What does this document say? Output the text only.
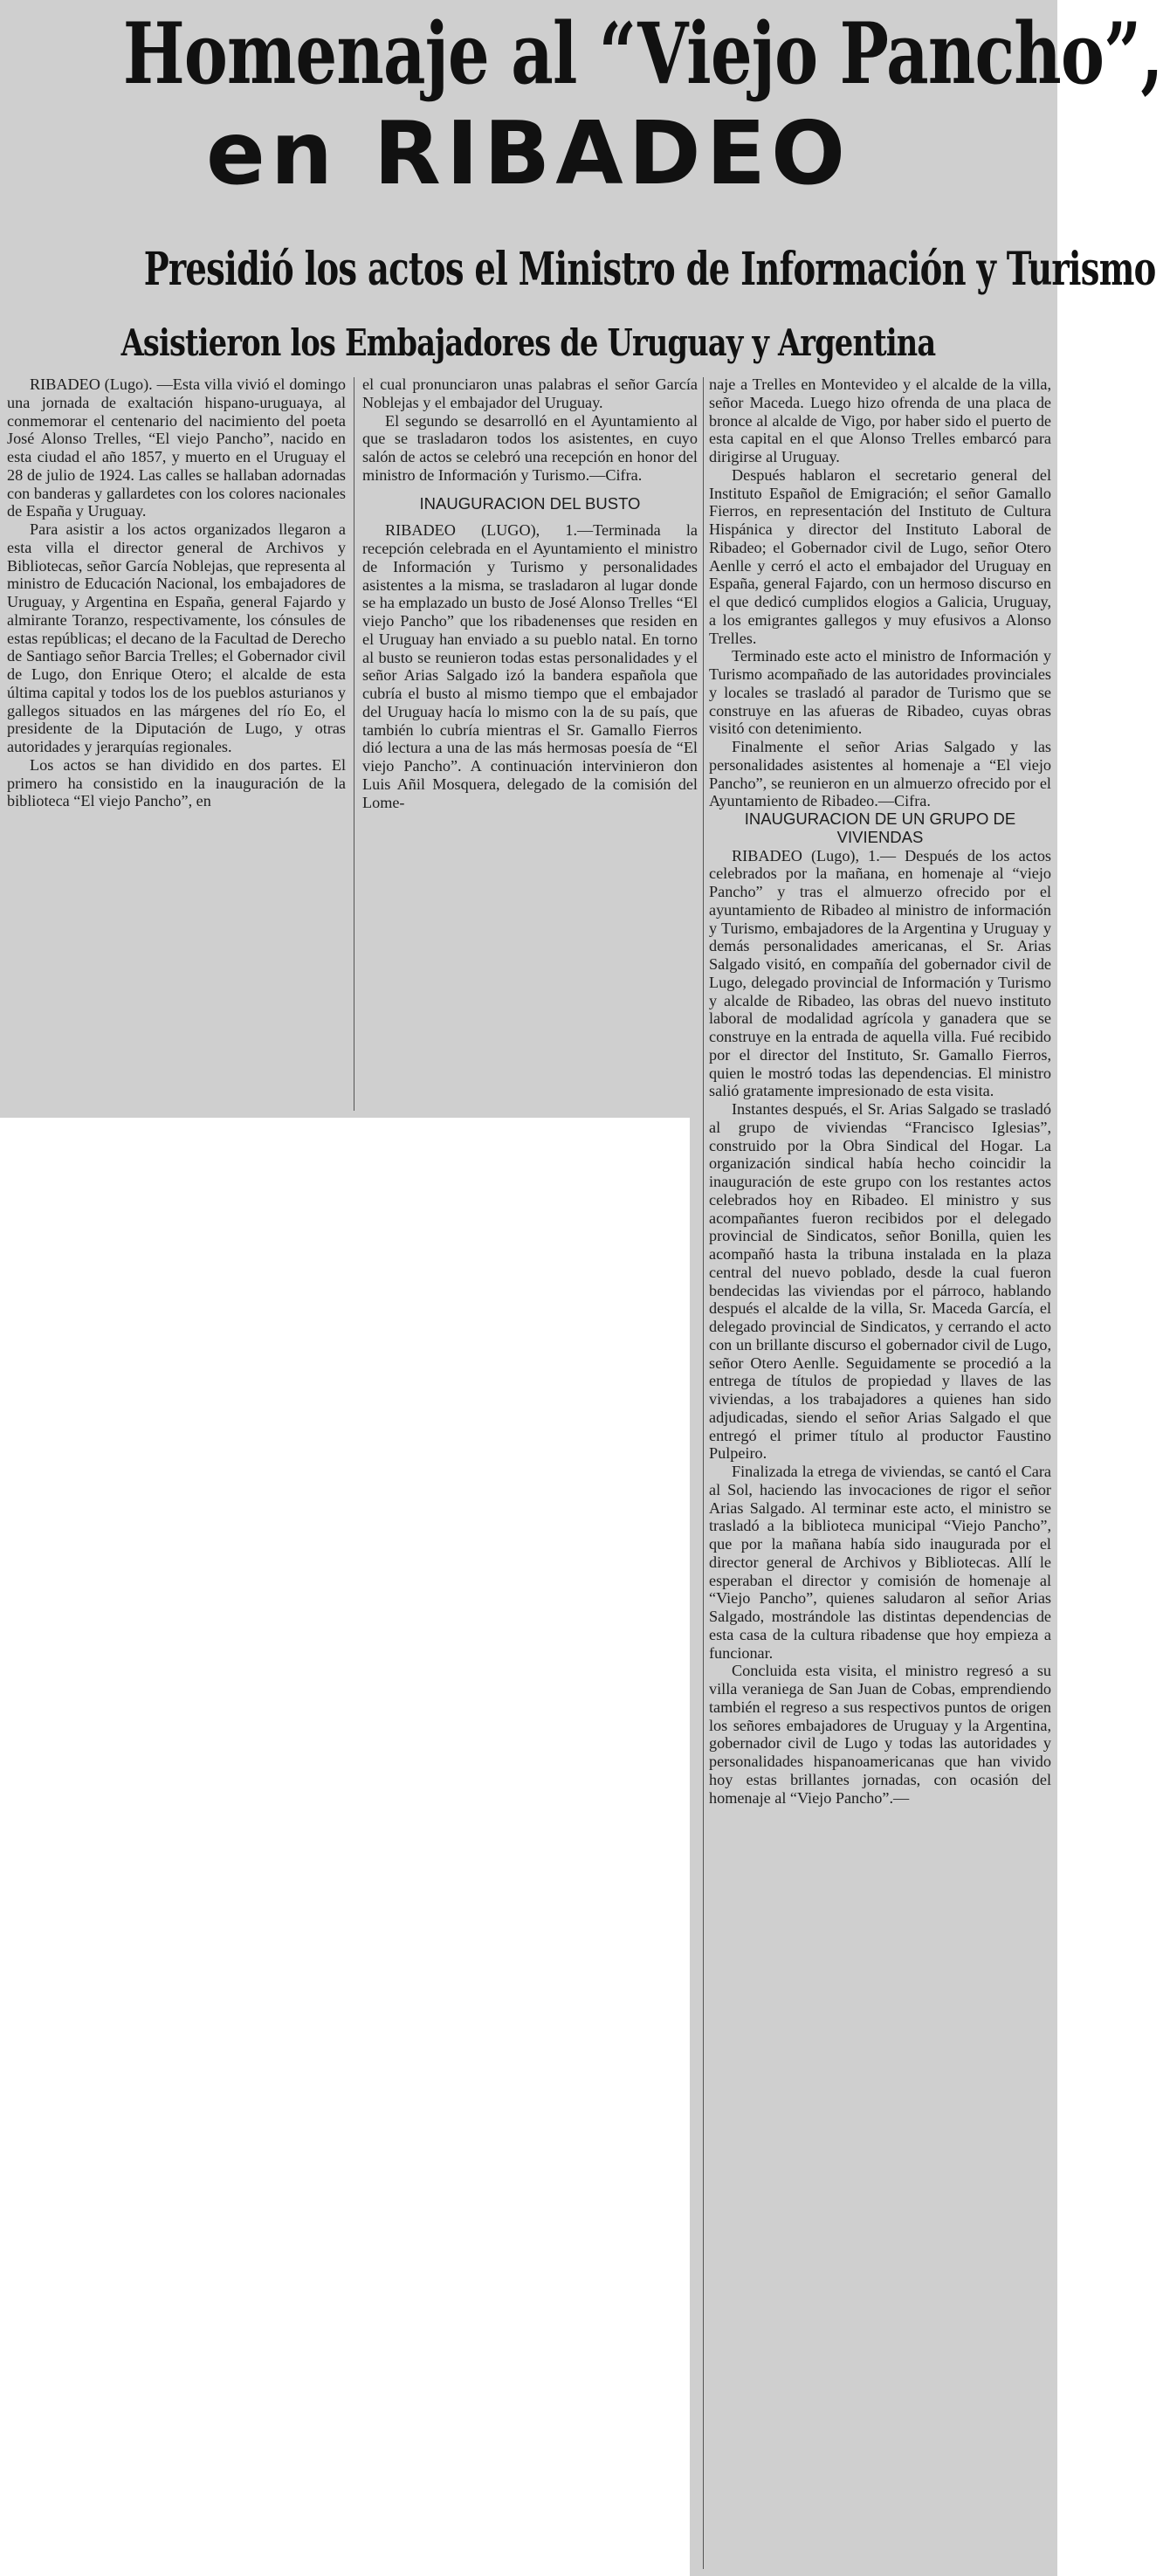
Homenaje al “Viejo Pancho”,
en RIBADEO
Presidió los actos el Ministro de Información y Turismo
Asistieron los Embajadores de Uruguay y Argentina

RIBADEO (Lugo). —Esta villa vivió el domingo una jornada de exaltación hispano-uruguaya, al conmemorar el centenario del nacimiento del poeta José Alonso Trelles, “El viejo Pancho”, nacido en esta ciudad el año 1857, y muerto en el Uruguay el 28 de julio de 1924. Las calles se hallaban adornadas con banderas y gallardetes con los colores nacionales de España y Uruguay.

Para asistir a los actos organizados llegaron a esta villa el director general de Archivos y Bibliotecas, señor García Noblejas, que representa al ministro de Educación Nacional, los embajadores de Uruguay, y Argentina en España, general Fajardo y almirante Toranzo, respectivamente, los cónsules de estas repúblicas; el decano de la Facultad de Derecho de Santiago señor Barcia Trelles; el Gobernador civil de Lugo, don Enrique Otero; el alcalde de esta última capital y todos los de los pueblos asturianos y gallegos situados en las márgenes del río Eo, el presidente de la Diputación de Lugo, y otras autoridades y jerarquías regionales.

Los actos se han dividido en dos partes. El primero ha consistido en la inauguración de la biblioteca “El viejo Pancho”, en

el cual pronunciaron unas palabras el señor García Noblejas y el embajador del Uruguay.

El segundo se desarrolló en el Ayuntamiento al que se trasladaron todos los asistentes, en cuyo salón de actos se celebró una recepción en honor del ministro de Información y Turismo.—Cifra.

INAUGURACION DEL BUSTO

RIBADEO (LUGO), 1.—Terminada la recepción celebrada en el Ayuntamiento el ministro de Información y Turismo y personalidades asistentes a la misma, se trasladaron al lugar donde se ha emplazado un busto de José Alonso Trelles “El viejo Pancho” que los ribadenenses que residen en el Uruguay han enviado a su pueblo natal. En torno al busto se reunieron todas estas personalidades y el señor Arias Salgado izó la bandera española que cubría el busto al mismo tiempo que el embajador del Uruguay hacía lo mismo con la de su país, que también lo cubría mientras el Sr. Gamallo Fierros dió lectura a una de las más hermosas poesía de “El viejo Pancho”. A continuación intervinieron don Luis Añil Mosquera, delegado de la comisión del Lome-

naje a Trelles en Montevideo y el alcalde de la villa, señor Maceda. Luego hizo ofrenda de una placa de bronce al alcalde de Vigo, por haber sido el puerto de esta capital en el que Alonso Trelles embarcó para dirigirse al Uruguay.

Después hablaron el secretario general del Instituto Español de Emigración; el señor Gamallo Fierros, en representación del Instituto de Cultura Hispánica y director del Instituto Laboral de Ribadeo; el Gobernador civil de Lugo, señor Otero Aenlle y cerró el acto el embajador del Uruguay en España, general Fajardo, con un hermoso discurso en el que dedicó cumplidos elogios a Galicia, Uruguay, a los emigrantes gallegos y muy efusivos a Alonso Trelles.

Terminado este acto el ministro de Información y Turismo acompañado de las autoridades provinciales y locales se trasladó al parador de Turismo que se construye en las afueras de Ribadeo, cuyas obras visitó con detenimiento.

Finalmente el señor Arias Salgado y las personalidades asistentes al homenaje a “El viejo Pancho”, se reunieron en un almuerzo ofrecido por el Ayuntamiento de Ribadeo.—Cifra.

INAUGURACION DE UN GRUPO DE VIVIENDAS

RIBADEO (Lugo), 1.— Después de los actos celebrados por la mañana, en homenaje al “viejo Pancho” y tras el almuerzo ofrecido por el ayuntamiento de Ribadeo al ministro de información y Turismo, embajadores de la Argentina y Uruguay y demás personalidades americanas, el Sr. Arias Salgado visitó, en compañía del gobernador civil de Lugo, delegado provincial de Información y Turismo y alcalde de Ribadeo, las obras del nuevo instituto laboral de modalidad agrícola y ganadera que se construye en la entrada de aquella villa. Fué recibido por el director del Instituto, Sr. Gamallo Fierros, quien le mostró todas las dependencias. El ministro salió gratamente impresionado de esta visita.

Instantes después, el Sr. Arias Salgado se trasladó al grupo de viviendas “Francisco Iglesias”, construido por la Obra Sindical del Hogar. La organización sindical había hecho coincidir la inauguración de este grupo con los restantes actos celebrados hoy en Ribadeo. El ministro y sus acompañantes fueron recibidos por el delegado provincial de Sindicatos, señor Bonilla, quien les acompañó hasta la tribuna instalada en la plaza central del nuevo poblado, desde la cual fueron bendecidas las viviendas por el párroco, hablando después el alcalde de la villa, Sr. Maceda García, el delegado provincial de Sindicatos, y cerrando el acto con un brillante discurso el gobernador civil de Lugo, señor Otero Aenlle. Seguidamente se procedió a la entrega de títulos de propiedad y llaves de las viviendas, a los trabajadores a quienes han sido adjudicadas, siendo el señor Arias Salgado el que entregó el primer título al productor Faustino Pulpeiro.

Finalizada la etrega de viviendas, se cantó el Cara al Sol, haciendo las invocaciones de rigor el señor Arias Salgado. Al terminar este acto, el ministro se trasladó a la biblioteca municipal “Viejo Pancho”, que por la mañana había sido inaugurada por el director general de Archivos y Bibliotecas. Allí le esperaban el director y comisión de homenaje al “Viejo Pancho”, quienes saludaron al señor Arias Salgado, mostrándole las distintas dependencias de esta casa de la cultura ribadense que hoy empieza a funcionar.

Concluida esta visita, el ministro regresó a su villa veraniega de San Juan de Cobas, emprendiendo también el regreso a sus respectivos puntos de origen los señores embajadores de Uruguay y la Argentina, gobernador civil de Lugo y todas las autoridades y personalidades hispanoamericanas que han vivido hoy estas brillantes jornadas, con ocasión del homenaje al “Viejo Pancho”.—
